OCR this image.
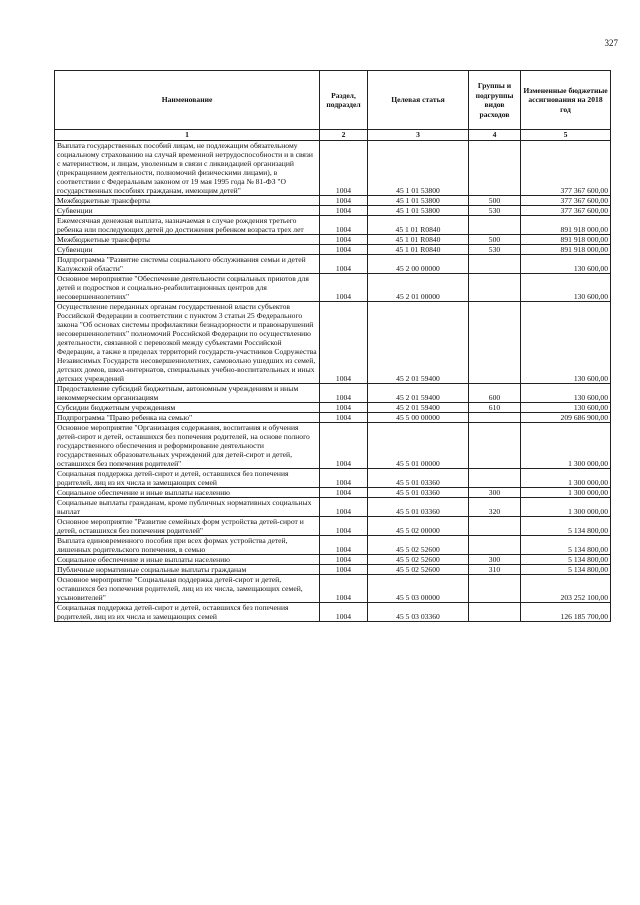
327
Наименование	Раздел, подраздел	Целевая статья	Группы и подгруппы видов расходов	Измененные бюджетные ассигнования на 2018 год
1	2	3	4	5
Выплата государственных пособий лицам, не подлежащим обязательному социальному страхованию на случай временной нетрудоспособности и в связи с материнством, и лицам, уволенным в связи с ликвидацией организаций (прекращением деятельности, полномочий физическими лицами), в соответствии с Федеральным законом от 19 мая 1995 года № 81-ФЗ "О государственных пособиях гражданам, имеющим детей"	1004	45 1 01 53800		377 367 600,00
Межбюджетные трансферты	1004	45 1 01 53800	500	377 367 600,00
Субвенции	1004	45 1 01 53800	530	377 367 600,00
Ежемесячная денежная выплата, назначаемая в случае рождения третьего ребенка или последующих детей до достижения ребенком возраста трех лет	1004	45 1 01 R0840		891 918 000,00
Межбюджетные трансферты	1004	45 1 01 R0840	500	891 918 000,00
Субвенции	1004	45 1 01 R0840	530	891 918 000,00
Подпрограмма "Развитие системы социального обслуживания семьи и детей Калужской области"	1004	45 2 00 00000		130 600,00
Основное мероприятие "Обеспечение деятельности социальных приютов для детей и подростков и социально-реабилитационных центров для несовершеннолетних"	1004	45 2 01 00000		130 600,00
Осуществление переданных органам государственной власти субъектов Российской Федерации в соответствии с пунктом 3 статьи 25 Федерального закона "Об основах системы профилактики безнадзорности и правонарушений несовершеннолетних" полномочий Российской Федерации по осуществлению деятельности, связанной с перевозкой между субъектами Российской Федерации, а также в пределах территорий государств-участников Содружества Независимых Государств несовершеннолетних, самовольно ушедших из семей, детских домов, школ-интернатов, специальных учебно-воспитательных и иных детских учреждений	1004	45 2 01 59400		130 600,00
Предоставление субсидий бюджетным, автономным учреждениям и иным некоммерческим организациям	1004	45 2 01 59400	600	130 600,00
Субсидии бюджетным учреждениям	1004	45 2 01 59400	610	130 600,00
Подпрограмма "Право ребенка на семью"	1004	45 5 00 00000		209 686 900,00
Основное мероприятие "Организация содержания, воспитания и обучения детей-сирот и детей, оставшихся без попечения родителей, на основе полного государственного обеспечения и реформирование деятельности государственных образовательных учреждений для детей-сирот и детей, оставшихся без попечения родителей"	1004	45 5 01 00000		1 300 000,00
Социальная поддержка детей-сирот и детей, оставшихся без попечения родителей, лиц из их числа и замещающих семей	1004	45 5 01 03360		1 300 000,00
Социальное обеспечение и иные выплаты населению	1004	45 5 01 03360	300	1 300 000,00
Социальные выплаты гражданам, кроме публичных нормативных социальных выплат	1004	45 5 01 03360	320	1 300 000,00
Основное мероприятие "Развитие семейных форм устройства детей-сирот и детей, оставшихся без попечения родителей"	1004	45 5 02 00000		5 134 800,00
Выплата единовременного пособия при всех формах устройства детей, лишенных родительского попечения, в семью	1004	45 5 02 52600		5 134 800,00
Социальное обеспечение и иные выплаты населению	1004	45 5 02 52600	300	5 134 800,00
Публичные нормативные социальные выплаты гражданам	1004	45 5 02 52600	310	5 134 800,00
Основное мероприятие "Социальная поддержка детей-сирот и детей, оставшихся без попечения родителей, лиц из их числа, замещающих семей, усыновителей"	1004	45 5 03 00000		203 252 100,00
Социальная поддержка детей-сирот и детей, оставшихся без попечения родителей, лиц из их числа и замещающих семей	1004	45 5 03 03360		126 185 700,00
